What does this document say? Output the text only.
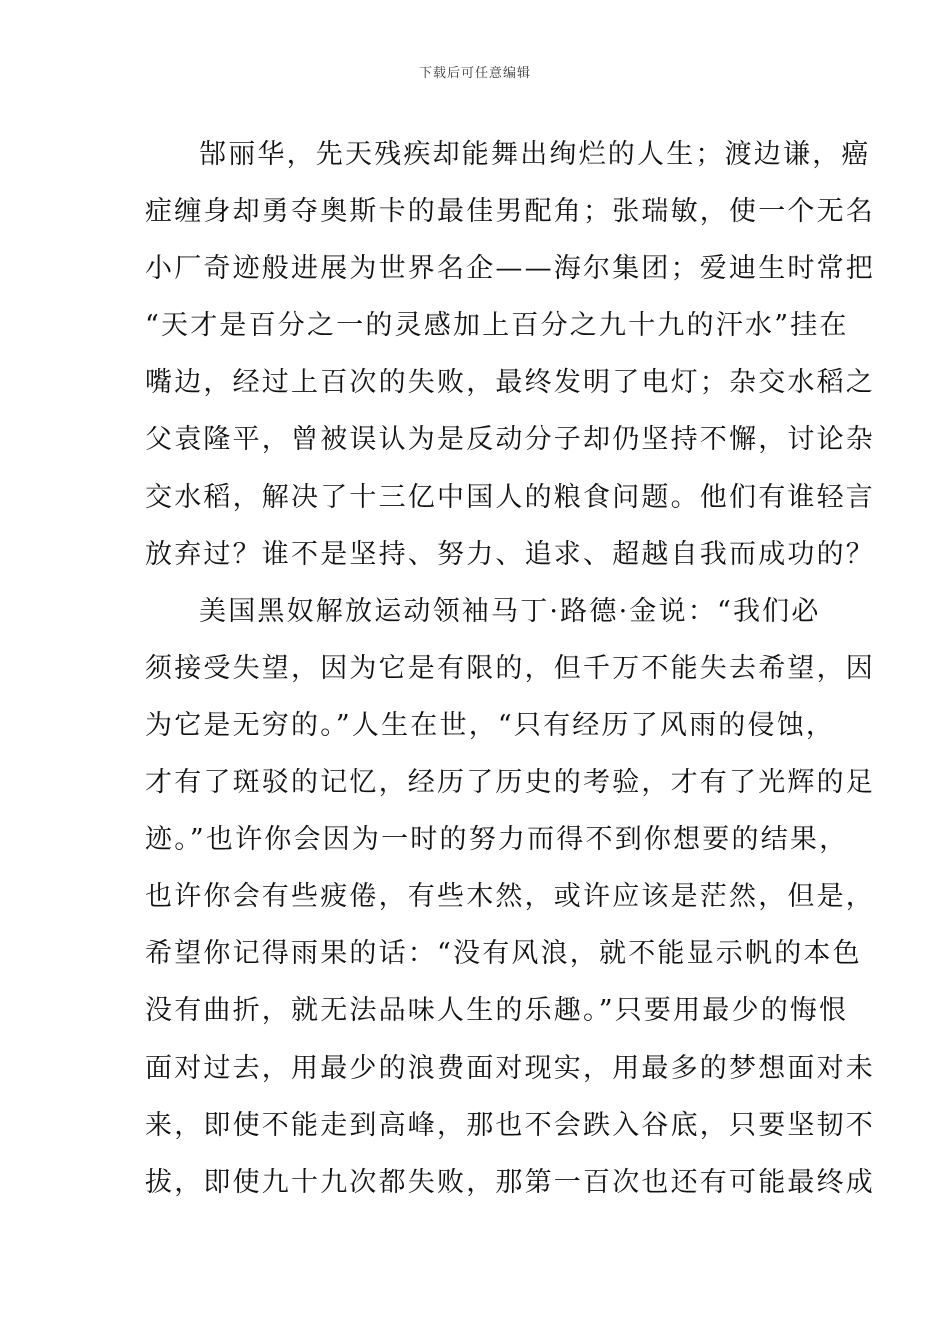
下载后可任意编辑
郜丽华，先天残疾却能舞出绚烂的人生；渡边谦，癌
症缠身却勇夺奥斯卡的最佳男配角；张瑞敏，使一个无名
小厂奇迹般进展为世界名企——海尔集团；爱迪生时常把
“天才是百分之一的灵感加上百分之九十九的汗水”挂在
嘴边，经过上百次的失败，最终发明了电灯；杂交水稻之
父袁隆平，曾被误认为是反动分子却仍坚持不懈，讨论杂
交水稻，解决了十三亿中国人的粮食问题。他们有谁轻言
放弃过？谁不是坚持、努力、追求、超越自我而成功的？
美国黑奴解放运动领袖马丁·路德·金说：“我们必
须接受失望，因为它是有限的，但千万不能失去希望，因
为它是无穷的。”人生在世，“只有经历了风雨的侵蚀，
才有了斑驳的记忆，经历了历史的考验，才有了光辉的足
迹。”也许你会因为一时的努力而得不到你想要的结果，
也许你会有些疲倦，有些木然，或许应该是茫然，但是，
希望你记得雨果的话：“没有风浪，就不能显示帆的本色
没有曲折，就无法品味人生的乐趣。”只要用最少的悔恨
面对过去，用最少的浪费面对现实，用最多的梦想面对未
来，即使不能走到高峰，那也不会跌入谷底，只要坚韧不
拔，即使九十九次都失败，那第一百次也还有可能最终成
